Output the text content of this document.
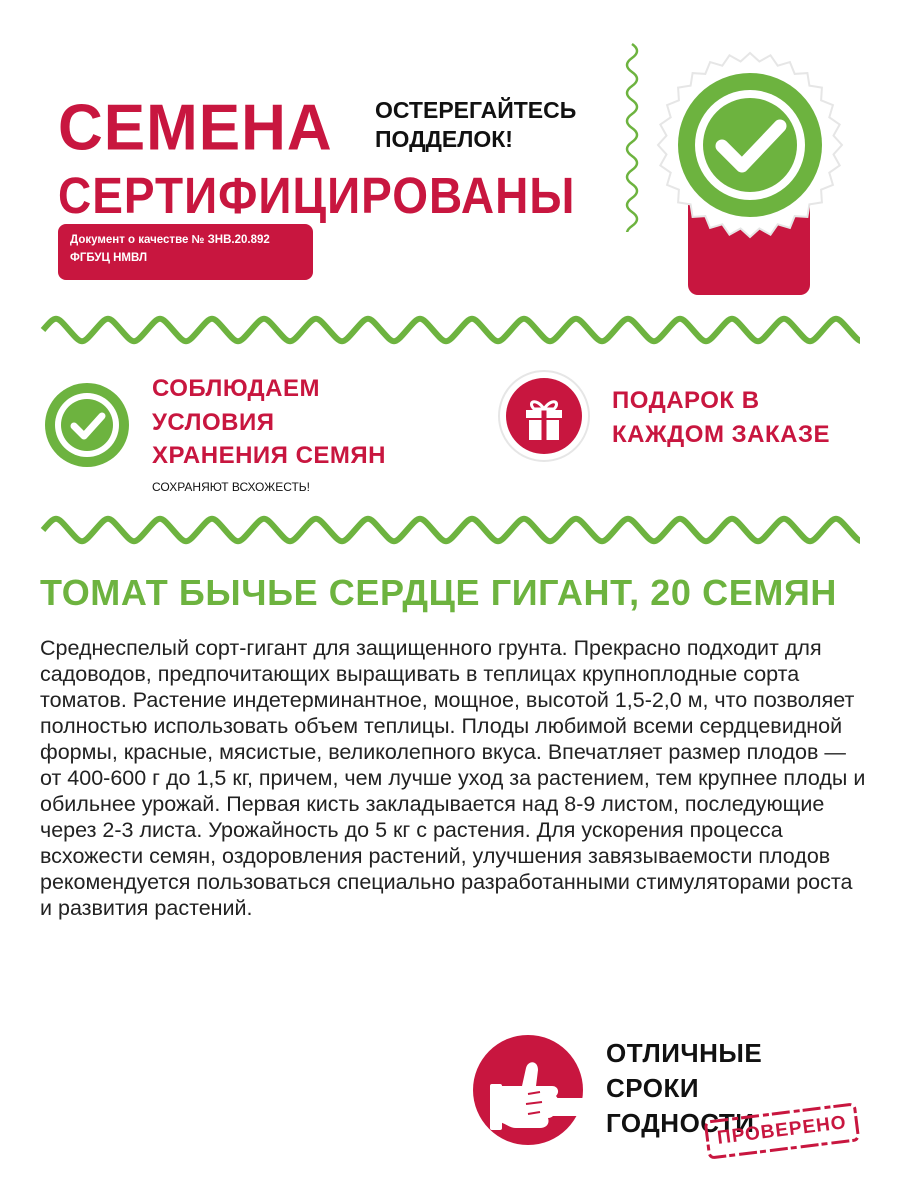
СЕМЕНА
СЕРТИФИЦИРОВАНЫ
ОСТЕРЕГАЙТЕСЬ
ПОДДЕЛОК!
Документ о качестве № ЗНВ.20.892
ФГБУЦ НМВЛ
СОБЛЮДАЕМ
УСЛОВИЯ
ХРАНЕНИЯ СЕМЯН
СОХРАНЯЮТ ВСХОЖЕСТЬ!
ПОДАРОК В
КАЖДОМ ЗАКАЗЕ
ТОМАТ БЫЧЬЕ СЕРДЦЕ ГИГАНТ, 20 СЕМЯН
Среднеспелый сорт-гигант для защищенного грунта. Прекрасно подходит для садоводов, предпочитающих выращивать в теплицах крупноплодные сорта томатов. Растение индетерминантное, мощное, высотой 1,5-2,0 м, что позволяет полностью использовать объем теплицы. Плоды любимой всеми сердцевидной формы, красные, мясистые, великолепного вкуса. Впечатляет размер плодов — от 400-600 г до 1,5 кг, причем, чем лучше уход за растением, тем крупнее плоды и обильнее урожай. Первая кисть закладывается над 8-9 листом, последующие через 2-3 листа. Урожайность до 5 кг с растения. Для ускорения процесса всхожести семян, оздоровления растений, улучшения завязываемости плодов рекомендуется пользоваться специально разработанными стимуляторами роста и развития растений.
ОТЛИЧНЫЕ
СРОКИ
ГОДНОСТИ
ПРОВЕРЕНО
